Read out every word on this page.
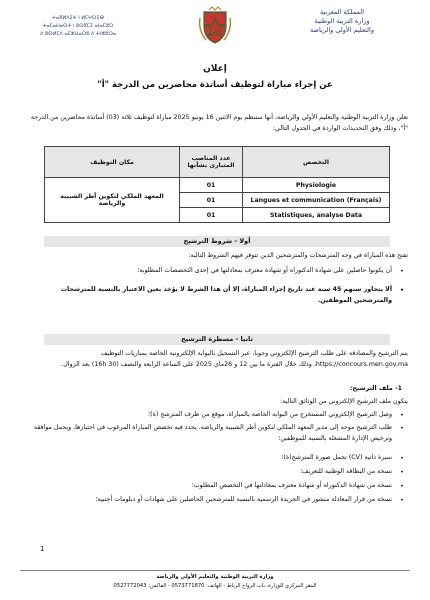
ⵜⴰⴳⵍⴷⵉⵜ ⵏ ⵍⵎⵖⵔⵉⴱ
ⵜⴰⵎⴰⵡⴰⵙⵜ ⵏ ⵓⵙⴳⵎⵉ ⴰⵏⴰⵎⵓⵔ
ⴷ ⵓⵙⵍⵎⴷ ⴰⵎⵣⵡⴰⵔⵓ ⴷ ⵜⵏⵣⵓⵔⴰ
المملكة المغربية
وزارة التربية الوطنية
والتعليم الأولي والرياضة
إعلان
عن إجراء مباراة لتوظيف أساتذة محاضرين من الدرجة "أ"
تعلن وزارة التربية الوطنية والتعليم الأولي والرياضة، أنها ستنظم يوم الاثنين 16 يونيو 2025 مباراة لتوظيف ثلاثة (03) أساتذة محاضرين من الدرجة "أ"، وذلك وفق التحديدات الواردة في الجدول التالي:
مكان التوظيف	عدد المناصب المتبارى بشأنها	التخصص
المعهد الملكي لتكوين أطر الشبيبة والرياضة	01	Physiologie
	01	Langues et communication (Français)
	01	Statistiques, analyse Data
أولا - شروط الترشيح
تفتح هذه المباراة في وجه المترشحات والمترشحين الذين تتوفر فيهم الشروط التالية:
•
أن يكونوا حاصلين على شهادة الدكتوراه أو شهادة معترف بمعادلتها في إحدى التخصصات المطلوبة؛
•
ألا يتجاوز سنهم 45 سنة عند تاريخ إجراء المباراة، إلا أن هذا الشرط لا يؤخذ بعين الاعتبار بالنسبة للمترشحات والمترشحين الموظفين.
ثانيا - مسطرة الترشيح
يتم الترشيح والمصادقة على طلب الترشيح الإلكتروني وجوبا، عبر التسجيل بالبوابة الإلكترونية الخاصة بمباريات التوظيف https://concours.men.gov.ma، وذلك خلال الفترة ما بين 12 و 26ماي 2025 على الساعة الرابعة والنصف (16h 30) بعد الزوال.
1- ملف الترشيح:
يتكون ملف الترشيح الإلكتروني من الوثائق التالية:
•
وصل الترشيح الإلكتروني المستخرج من البوابة الخاصة بالمباراة، موقع من طرف المترشح (ة)؛
•
طلب الترشيح موجه إلى مدير المعهد الملكي لتكوين أطر الشبيبة والرياضة، يحدد فيه تخصص المباراة المرغوب في اجتيازها، ويحمل موافقة وترخيص الإدارة المشغلة بالنسبة للموظفين؛
•
سيرة ذاتية (CV) تحمل صورة المترشح(ة)؛
•
نسخة من البطاقة الوطنية للتعريف؛
•
نسخة من شهادة الدكتوراه أو شهادة معترف بمعادلتها في التخصص المطلوب؛
•
نسخة من قرار المعادلة منشور في الجريدة الرسمية بالنسبة للمترشحين الحاصلين على شهادات أو دبلومات أجنبية؛
1
وزارة التربية الوطنية والتعليم الأولي والرياضة
المقر المركزي للوزارة، باب الرواح الرباط - الهاتف: 0573771870 - الفاكس: 0527772043
